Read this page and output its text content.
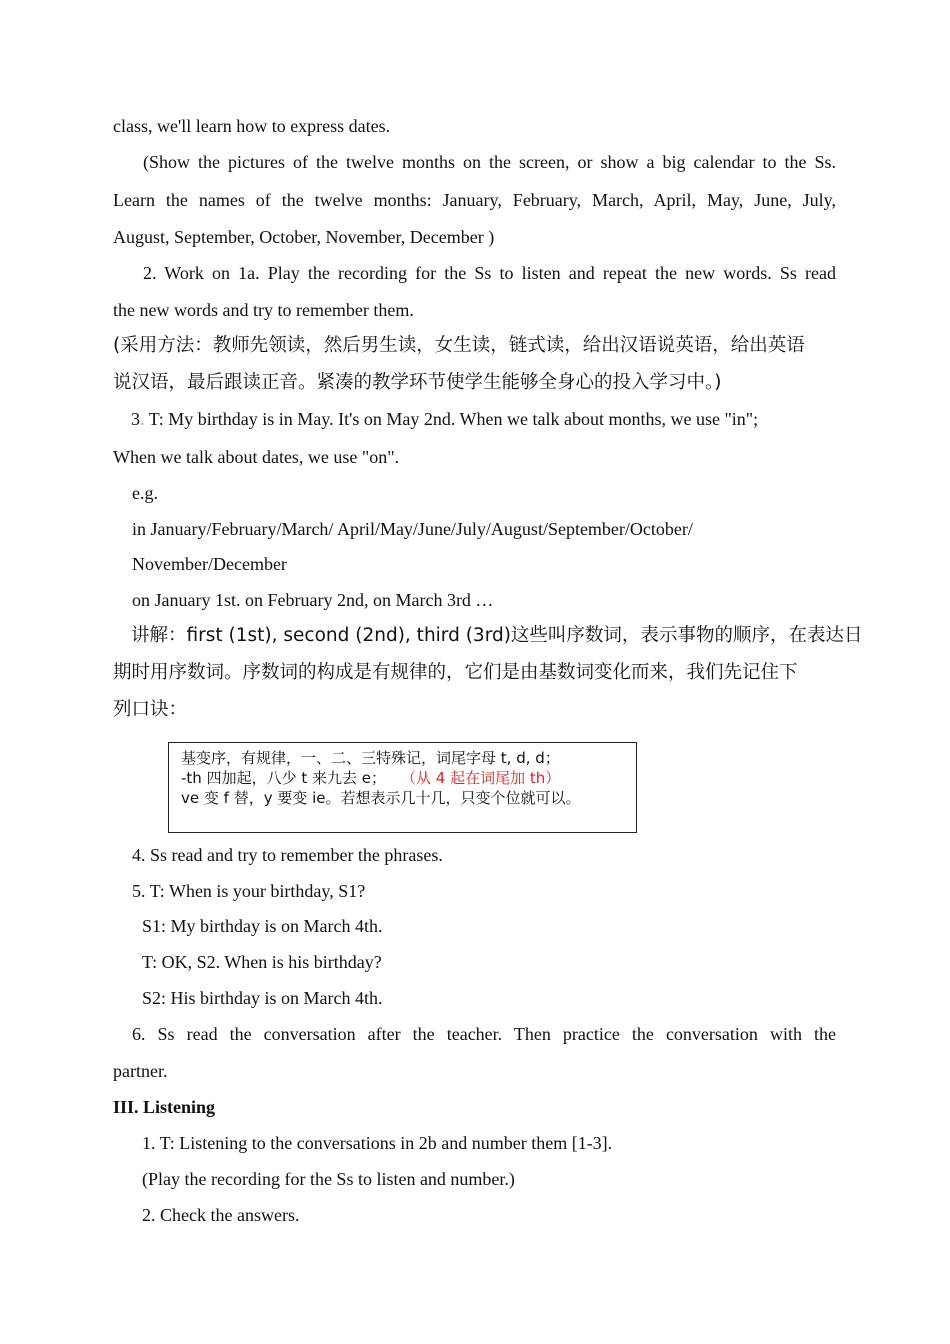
class, we'll learn how to express dates.
(Show the pictures of the twelve months on the screen, or show a big calendar to the Ss.
Learn the names of the twelve months: January, February, March, April, May, June, July,
August, September, October, November, December )
2. Work on 1a. Play the recording for the Ss to listen and repeat the new words. Ss read
the new words and try to remember them.
(采用方法：教师先领读，然后男生读，女生读，链式读，给出汉语说英语，给出英语
说汉语，最后跟读正音。紧凑的教学环节使学生能够全身心的投入学习中。)
3. T: My birthday is in May. It's on May 2nd. When we talk about months, we use "in";
When we talk about dates, we use "on".
e.g.
in January/February/March/ April/May/June/July/August/September/October/
November/December
on January 1st. on February 2nd, on March 3rd …
讲解：first (1st), second (2nd), third (3rd)这些叫序数词，表示事物的顺序，在表达日
期时用序数词。序数词的构成是有规律的，它们是由基数词变化而来，我们先记住下
列口诀：
基变序，有规律，一、二、三特殊记，词尾字母 t, d, d；
-th 四加起，八少 t 来九去 e； （从 4 起在词尾加 th）
ve 变 f 替，y 要变 ie。若想表示几十几，只变个位就可以。
4. Ss read and try to remember the phrases.
5. T: When is your birthday, S1?
S1: My birthday is on March 4th.
T: OK, S2. When is his birthday?
S2: His birthday is on March 4th.
6. Ss read the conversation after the teacher. Then practice the conversation with the
partner.
III. Listening
1. T: Listening to the conversations in 2b and number them [1-3].
(Play the recording for the Ss to listen and number.)
2. Check the answers.
